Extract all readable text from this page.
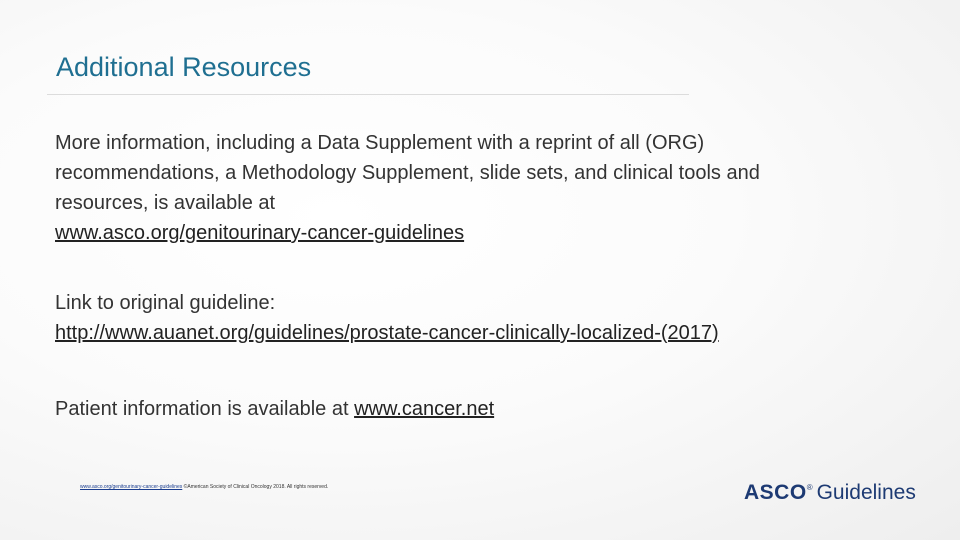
Additional Resources

More information, including a Data Supplement with a reprint of all (ORG)
recommendations, a Methodology Supplement, slide sets, and clinical tools and
resources, is available at
www.asco.org/genitourinary-cancer-guidelines

Link to original guideline:
http://www.auanet.org/guidelines/prostate-cancer-clinically-localized-(2017)

Patient information is available at www.cancer.net

www.asco.org/genitourinary-cancer-guidelines ©American Society of Clinical Oncology 2018. All rights reserved.	ASCO ® Guidelines
